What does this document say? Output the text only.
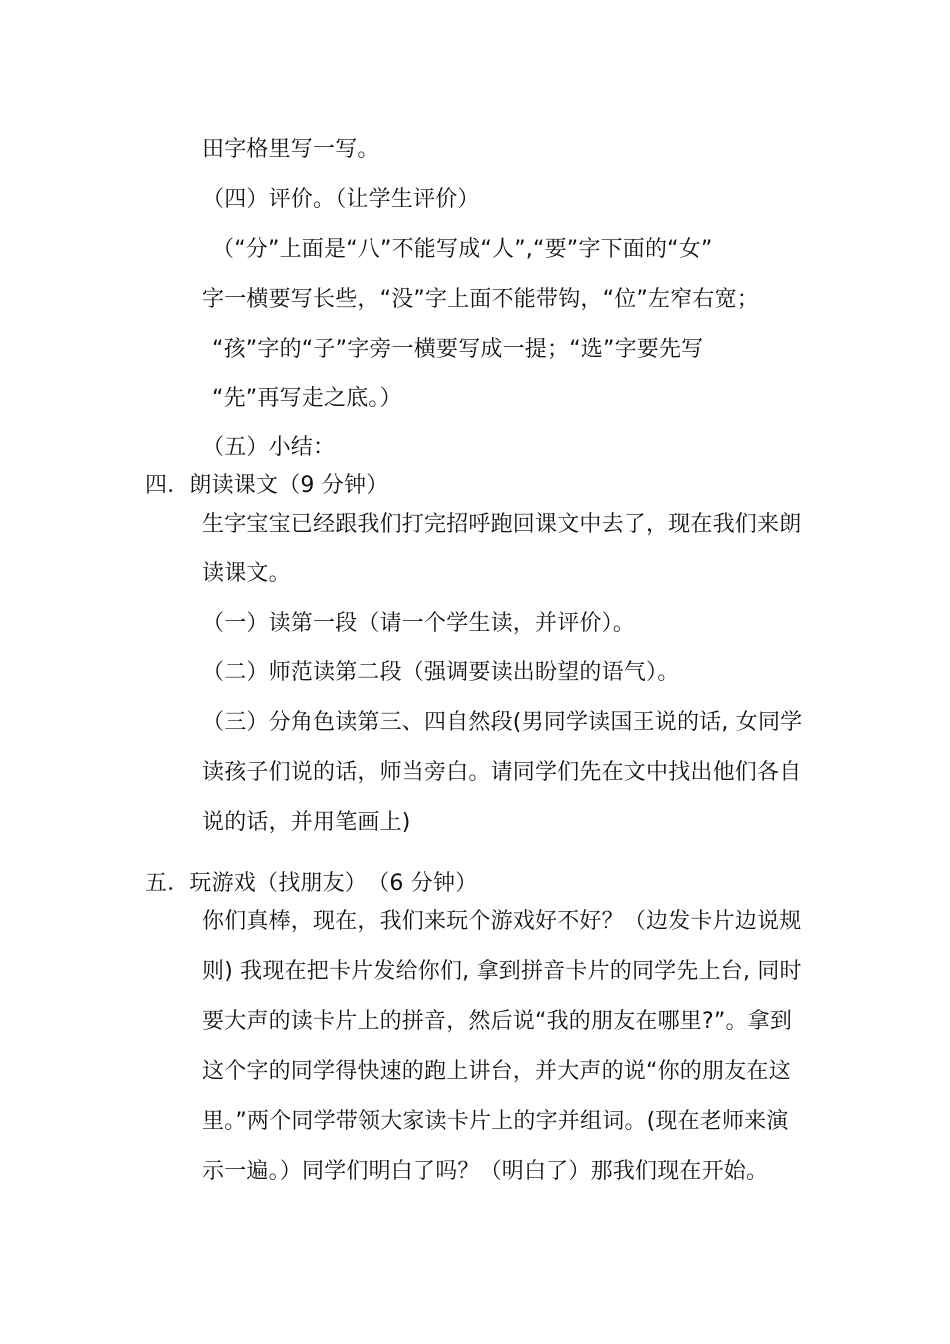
田字格里写一写。
（四）评价。（让学生评价）
（“分”上面是“八”不能写成“人”,“要”字下面的“女”
字一横要写长些，“没”字上面不能带钩，“位”左窄右宽；
“孩”字的“子”字旁一横要写成一提；“选”字要先写
“先”再写走之底。）
（五）小结：
四．朗读课文（9 分钟）
生字宝宝已经跟我们打完招呼跑回课文中去了，现在我们来朗
读课文。
（一）读第一段（请一个学生读，并评价）。
（二）师范读第二段（强调要读出盼望的语气）。
（三）分角色读第三、四自然段(男同学读国王说的话, 女同学
读孩子们说的话，师当旁白。请同学们先在文中找出他们各自
说的话，并用笔画上)
五．玩游戏（找朋友）　（6 分钟）
你们真棒，现在，我们来玩个游戏好不好？（边发卡片边说规
则) 我现在把卡片发给你们, 拿到拼音卡片的同学先上台, 同时
要大声的读卡片上的拼音，然后说“我的朋友在哪里?”。拿到
这个字的同学得快速的跑上讲台，并大声的说“你的朋友在这
里。”两个同学带领大家读卡片上的字并组词。(现在老师来演
示一遍。）同学们明白了吗？（明白了）那我们现在开始。
